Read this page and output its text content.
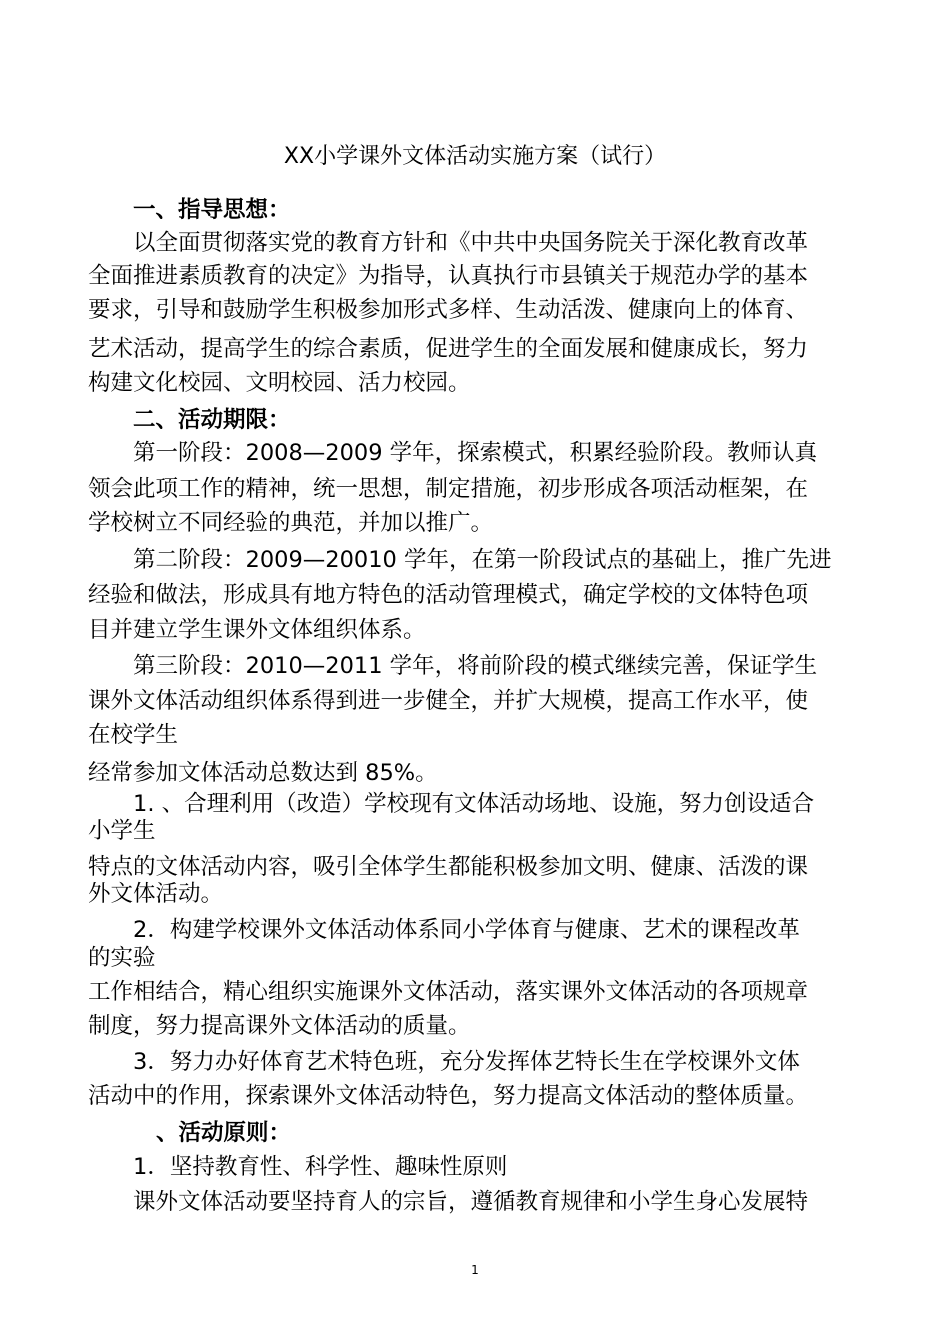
XX小学课外文体活动实施方案（试行）
一、指导思想：
以全面贯彻落实党的教育方针和《中共中央国务院关于深化教育改革
全面推进素质教育的决定》为指导，认真执行市县镇关于规范办学的基本
要求，引导和鼓励学生积极参加形式多样、生动活泼、健康向上的体育、
艺术活动，提高学生的综合素质，促进学生的全面发展和健康成长，努力
构建文化校园、文明校园、活力校园。
二、活动期限：
第一阶段：2008—2009 学年，探索模式，积累经验阶段。教师认真
领会此项工作的精神，统一思想，制定措施，初步形成各项活动框架，在
学校树立不同经验的典范，并加以推广。
第二阶段：2009—20010 学年，在第一阶段试点的基础上，推广先进
经验和做法，形成具有地方特色的活动管理模式，确定学校的文体特色项
目并建立学生课外文体组织体系。
第三阶段：2010—2011 学年，将前阶段的模式继续完善，保证学生
课外文体活动组织体系得到进一步健全，并扩大规模，提高工作水平，使
在校学生
经常参加文体活动总数达到 85%。
1. 、合理利用（改造）学校现有文体活动场地、设施，努力创设适合
小学生
特点的文体活动内容，吸引全体学生都能积极参加文明、健康、活泼的课
外文体活动。
2．构建学校课外文体活动体系同小学体育与健康、艺术的课程改革
的实验
工作相结合，精心组织实施课外文体活动，落实课外文体活动的各项规章
制度，努力提高课外文体活动的质量。
3．努力办好体育艺术特色班，充分发挥体艺特长生在学校课外文体
活动中的作用，探索课外文体活动特色，努力提高文体活动的整体质量。
、活动原则：
1．坚持教育性、科学性、趣味性原则
课外文体活动要坚持育人的宗旨，遵循教育规律和小学生身心发展特
1
